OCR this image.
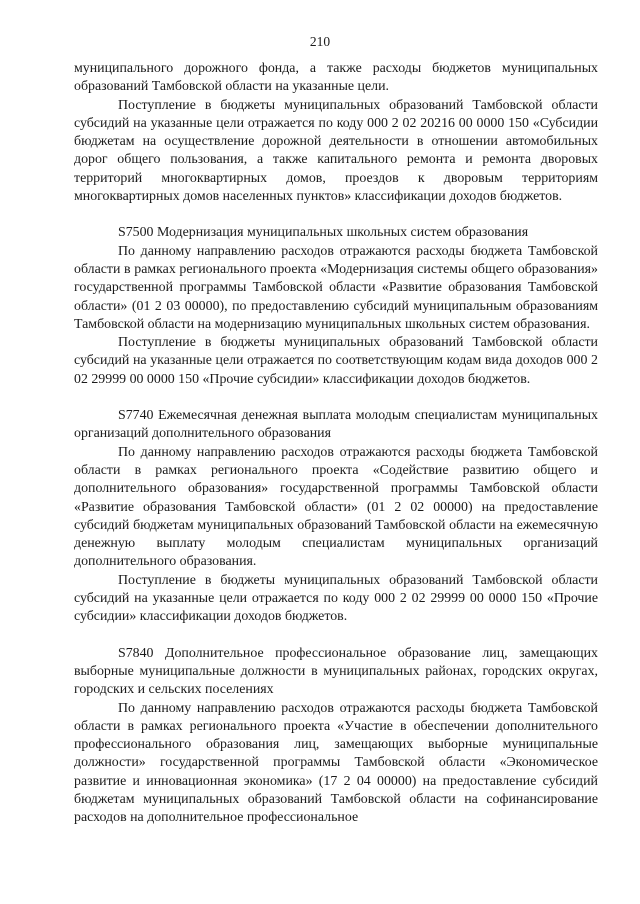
210

муниципального дорожного фонда, а также расходы бюджетов муниципальных образований Тамбовской области на указанные цели.

Поступление в бюджеты муниципальных образований Тамбовской области субсидий на указанные цели отражается по коду 000 2 02 20216 00 0000 150 «Субсидии бюджетам на осуществление дорожной деятельности в отношении автомобильных дорог общего пользования, а также капитального ремонта и ремонта дворовых территорий многоквартирных домов, проездов к дворовым территориям многоквартирных домов населенных пунктов» классификации доходов бюджетов.

S7500 Модернизация муниципальных школьных систем образования

По данному направлению расходов отражаются расходы бюджета Тамбовской области в рамках регионального проекта «Модернизация системы общего образования» государственной программы Тамбовской области «Развитие образования Тамбовской области» (01 2 03 00000), по предоставлению субсидий муниципальным образованиям Тамбовской области на модернизацию муниципальных школьных систем образования.

Поступление в бюджеты муниципальных образований Тамбовской области субсидий на указанные цели отражается по соответствующим кодам вида доходов 000 2 02 29999 00 0000 150 «Прочие субсидии» классификации доходов бюджетов.

S7740 Ежемесячная денежная выплата молодым специалистам муниципальных организаций дополнительного образования

По данному направлению расходов отражаются расходы бюджета Тамбовской области в рамках регионального проекта «Содействие развитию общего и дополнительного образования» государственной программы Тамбовской области «Развитие образования Тамбовской области» (01 2 02 00000) на предоставление субсидий бюджетам муниципальных образований Тамбовской области на ежемесячную денежную выплату молодым специалистам муниципальных организаций дополнительного образования.

Поступление в бюджеты муниципальных образований Тамбовской области субсидий на указанные цели отражается по коду 000 2 02 29999 00 0000 150 «Прочие субсидии» классификации доходов бюджетов.

S7840 Дополнительное профессиональное образование лиц, замещающих выборные муниципальные должности в муниципальных районах, городских округах, городских и сельских поселениях

По данному направлению расходов отражаются расходы бюджета Тамбовской области в рамках регионального проекта «Участие в обеспечении дополнительного профессионального образования лиц, замещающих выборные муниципальные должности» государственной программы Тамбовской области «Экономическое развитие и инновационная экономика» (17 2 04 00000) на предоставление субсидий бюджетам муниципальных образований Тамбовской области на софинансирование расходов на дополнительное профессиональное
